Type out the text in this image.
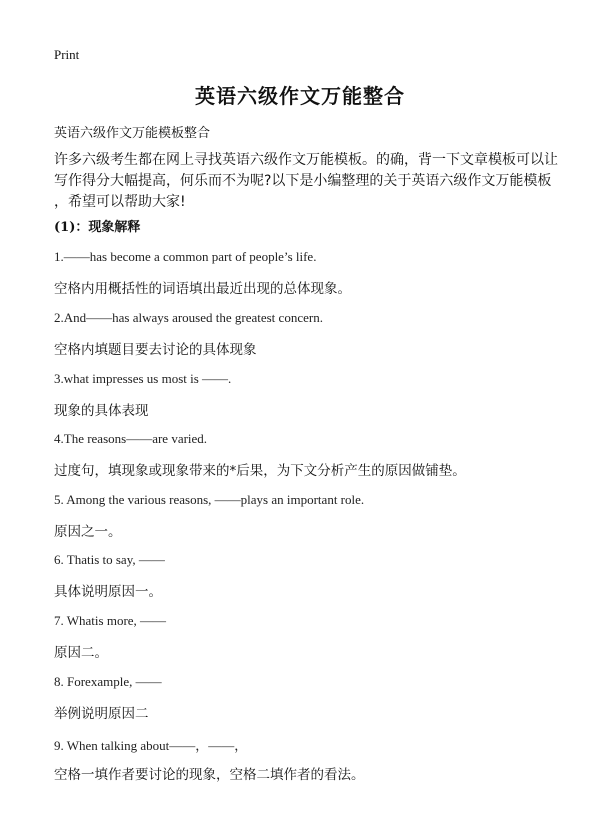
Print
英语六级作文万能整合
英语六级作文万能模板整合
许多六级考生都在网上寻找英语六级作文万能模板。的确，背一下文章模板可以让
写作得分大幅提高，何乐而不为呢?以下是小编整理的关于英语六级作文万能模板
，希望可以帮助大家!
(1)：现象解释
1.——has become a common part of people’s life.
空格内用概括性的词语填出最近出现的总体现象。
2.And——has always aroused the greatest concern.
空格内填题目要去讨论的具体现象
3.what impresses us most is ——.
现象的具体表现
4.The reasons——are varied.
过度句，填现象或现象带来的*后果，为下文分析产生的原因做铺垫。
5. Among the various reasons, ——plays an important role.
原因之一。
6. Thatis to say, ——
具体说明原因一。
7. Whatis more, ——
原因二。
8. Forexample, ——
举例说明原因二
9. When talking about——，——，
空格一填作者要讨论的现象，空格二填作者的看法。
